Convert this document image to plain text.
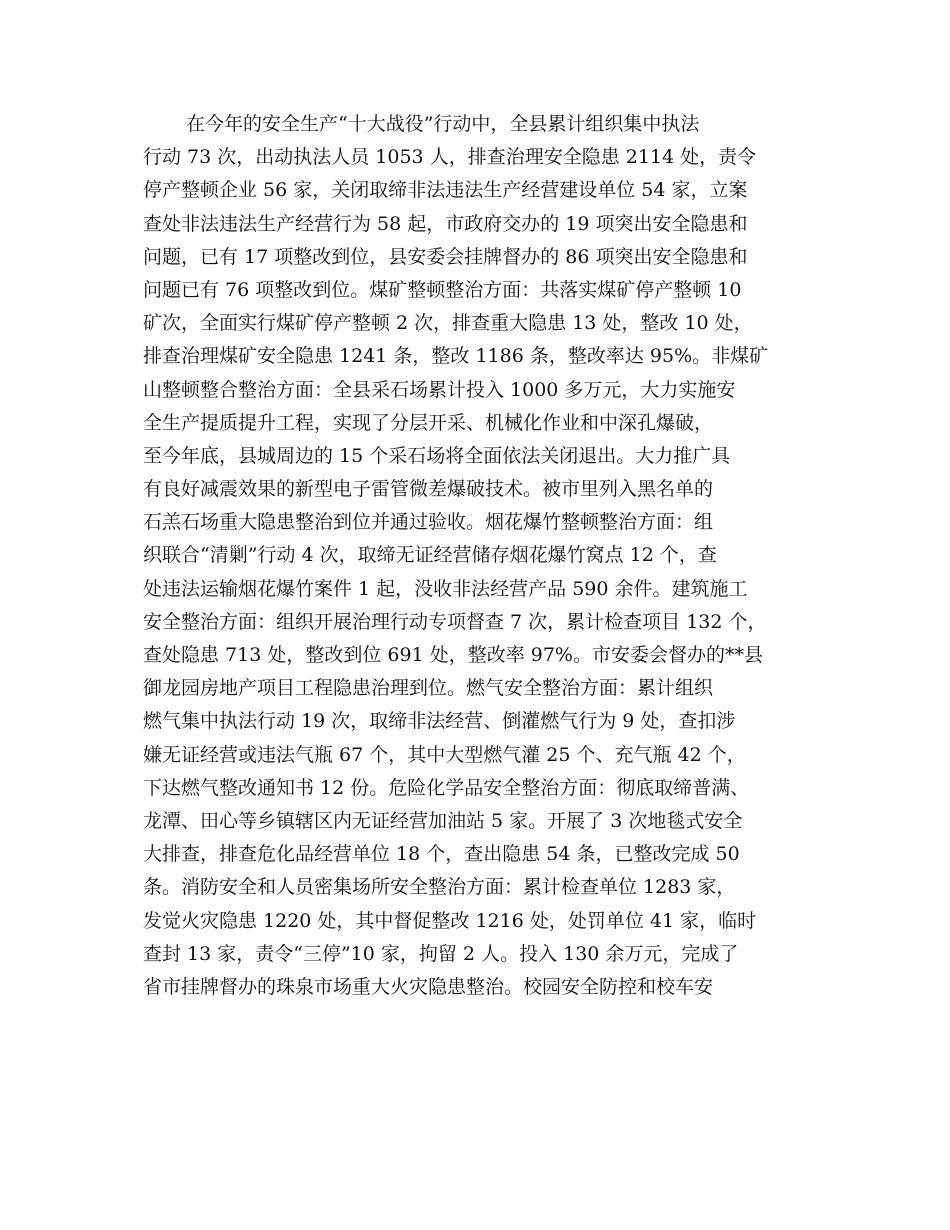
在今年的安全生产“十大战役”行动中，全县累计组织集中执法
行动 73 次，出动执法人员 1053 人，排查治理安全隐患 2114 处，责令
停产整顿企业 56 家，关闭取缔非法违法生产经营建设单位 54 家，立案
查处非法违法生产经营行为 58 起，市政府交办的 19 项突出安全隐患和
问题，已有 17 项整改到位，县安委会挂牌督办的 86 项突出安全隐患和
问题已有 76 项整改到位。煤矿整顿整治方面：共落实煤矿停产整顿 10
矿次，全面实行煤矿停产整顿 2 次，排查重大隐患 13 处，整改 10 处，
排查治理煤矿安全隐患 1241 条，整改 1186 条，整改率达 95%。非煤矿
山整顿整合整治方面：全县采石场累计投入 1000 多万元，大力实施安
全生产提质提升工程，实现了分层开采、机械化作业和中深孔爆破，
至今年底，县城周边的 15 个采石场将全面依法关闭退出。大力推广具
有良好减震效果的新型电子雷管微差爆破技术。被市里列入黑名单的
石羔石场重大隐患整治到位并通过验收。烟花爆竹整顿整治方面：组
织联合“清剿”行动 4 次，取缔无证经营储存烟花爆竹窝点 12 个，查
处违法运输烟花爆竹案件 1 起，没收非法经营产品 590 余件。建筑施工
安全整治方面：组织开展治理行动专项督查 7 次，累计检查项目 132 个，
查处隐患 713 处，整改到位 691 处，整改率 97%。市安委会督办的**县
御龙园房地产项目工程隐患治理到位。燃气安全整治方面：累计组织
燃气集中执法行动 19 次，取缔非法经营、倒灌燃气行为 9 处，查扣涉
嫌无证经营或违法气瓶 67 个，其中大型燃气灌 25 个、充气瓶 42 个，
下达燃气整改通知书 12 份。危险化学品安全整治方面：彻底取缔普满、
龙潭、田心等乡镇辖区内无证经营加油站 5 家。开展了 3 次地毯式安全
大排查，排查危化品经营单位 18 个，查出隐患 54 条，已整改完成 50
条。消防安全和人员密集场所安全整治方面：累计检查单位 1283 家，
发觉火灾隐患 1220 处，其中督促整改 1216 处，处罚单位 41 家，临时
查封 13 家，责令“三停”10 家，拘留 2 人。投入 130 余万元，完成了
省市挂牌督办的珠泉市场重大火灾隐患整治。校园安全防控和校车安
